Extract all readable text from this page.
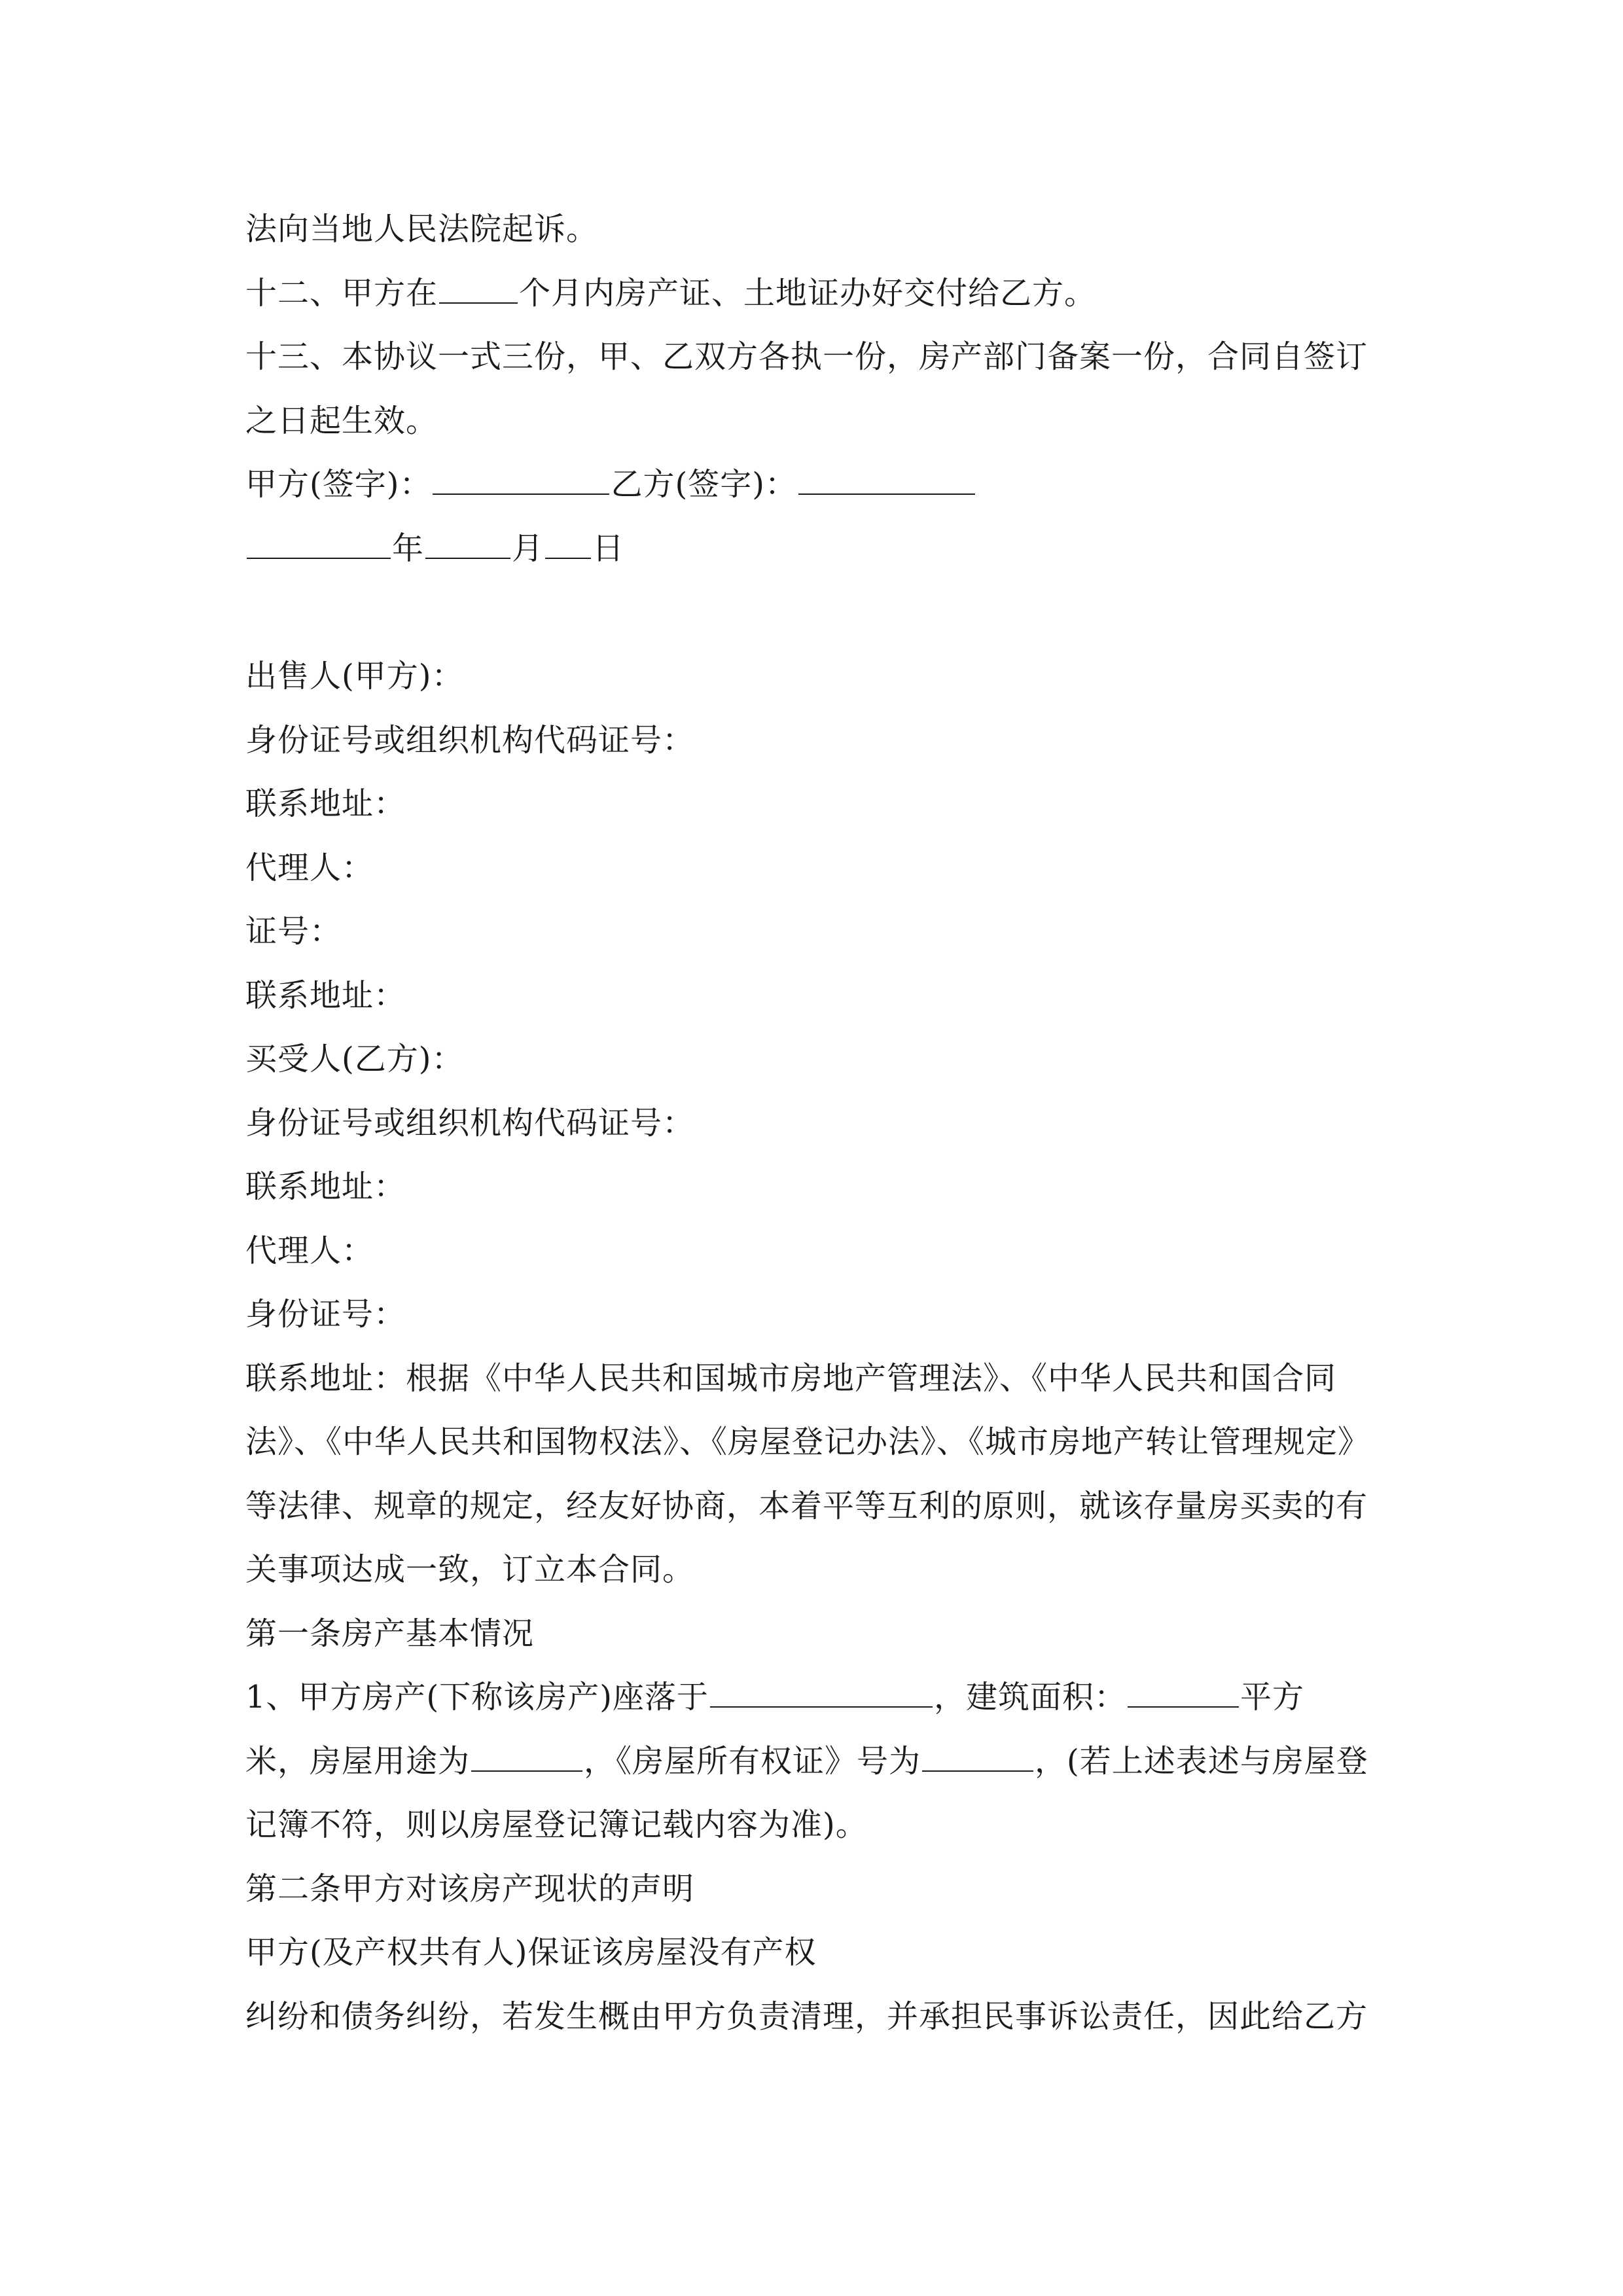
法向当地人民法院起诉。
十二、甲方在	个月内房产证、土地证办好交付给乙方。
十三、本协议一式三份，甲、乙双方各执一份，房产部门备案一份，合同自签订
之日起生效。
甲方(签字)：	乙方(签字)：
年	月 日
出售人(甲方)：
身份证号或组织机构代码证号：
联系地址：
代理人：
证号：
联系地址：
买受人(乙方)：
身份证号或组织机构代码证号：
联系地址：
代理人：
身份证号：
联系地址：根据《中华人民共和国城市房地产管理法》、《中华人民共和国合同
法》、《中华人民共和国物权法》、《房屋登记办法》、《城市房地产转让管理规定》
等法律、规章的规定，经友好协商，本着平等互利的原则，就该存量房买卖的有
关事项达成一致，订立本合同。
第一条房产基本情况
1、甲方房产(下称该房产)座落于	，建筑面积：	平方
米，房屋用途为	，《房屋所有权证》号为	，(若上述表述与房屋登
记簿不符，则以房屋登记簿记载内容为准)。
第二条甲方对该房产现状的声明
甲方(及产权共有人)保证该房屋没有产权
纠纷和债务纠纷，若发生概由甲方负责清理，并承担民事诉讼责任，因此给乙方
